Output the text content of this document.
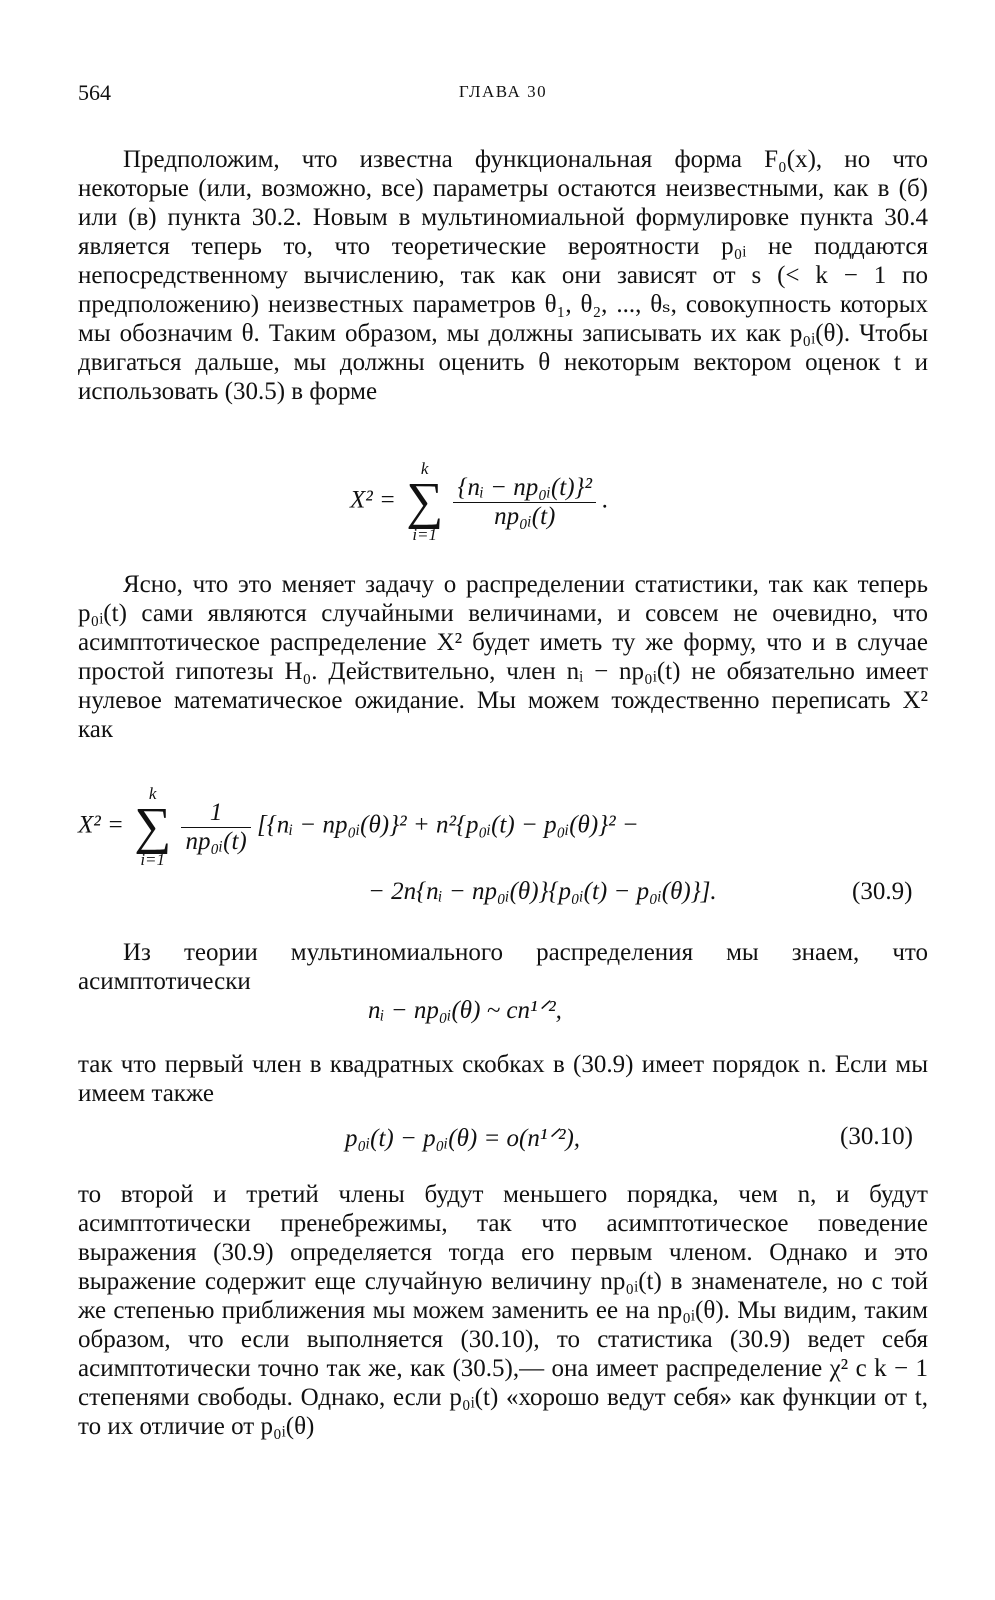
564	ГЛАВА 30

Предположим, что известна функциональная форма F₀(x), но что некоторые (или, возможно, все) параметры остаются неизвестными, как в (б) или (в) пункта 30.2. Новым в мультиномиальной формулировке пункта 30.4 является теперь то, что теоретические вероятности p₀ᵢ не поддаются непосредственному вычислению, так как они зависят от s (< k − 1 по предположению) неизвестных параметров θ₁, θ₂, ..., θₛ, совокупность которых мы обозначим θ. Таким образом, мы должны записывать их как p₀ᵢ(θ). Чтобы двигаться дальше, мы должны оценить θ некоторым вектором оценок t и использовать (30.5) в форме

X² =
k
∑
i=1

$\frac{\text{\{nᵢ − np₀ᵢ(t)\}²}}{\text{np₀ᵢ(t)}}$ .

Ясно, что это меняет задачу о распределении статистики, так как теперь p₀ᵢ(t) сами являются случайными величинами, и совсем не очевидно, что асимптотическое распределение X² будет иметь ту же форму, что и в случае простой гипотезы H₀. Действительно, член nᵢ − np₀ᵢ(t) не обязательно имеет нулевое математическое ожидание. Мы можем тождественно переписать X² как

X² =
k
∑
i=1

$\frac{1}{\text{np₀ᵢ(t)}}$ [{nᵢ − np₀ᵢ(θ)}² + n²{p₀ᵢ(t) − p₀ᵢ(θ)}² −
− 2n{nᵢ − np₀ᵢ(θ)}{p₀ᵢ(t) − p₀ᵢ(θ)}].	(30.9)

Из теории мультиномиального распределения мы знаем, что асимптотически

nᵢ − np₀ᵢ(θ) ~ cn¹ᐟ²,

так что первый член в квадратных скобках в (30.9) имеет порядок n. Если мы имеем также

p₀ᵢ(t) − p₀ᵢ(θ) = o(n¹ᐟ²),	(30.10)

то второй и третий члены будут меньшего порядка, чем n, и будут асимптотически пренебрежимы, так что асимптотическое поведение выражения (30.9) определяется тогда его первым членом. Однако и это выражение содержит еще случайную величину np₀ᵢ(t) в знаменателе, но с той же степенью приближения мы можем заменить ее на np₀ᵢ(θ). Мы видим, таким образом, что если выполняется (30.10), то статистика (30.9) ведет себя асимптотически точно так же, как (30.5),— она имеет распределение χ² с k − 1 степенями свободы. Однако, если p₀ᵢ(t) «хорошо ведут себя» как функции от t, то их отличие от p₀ᵢ(θ)
